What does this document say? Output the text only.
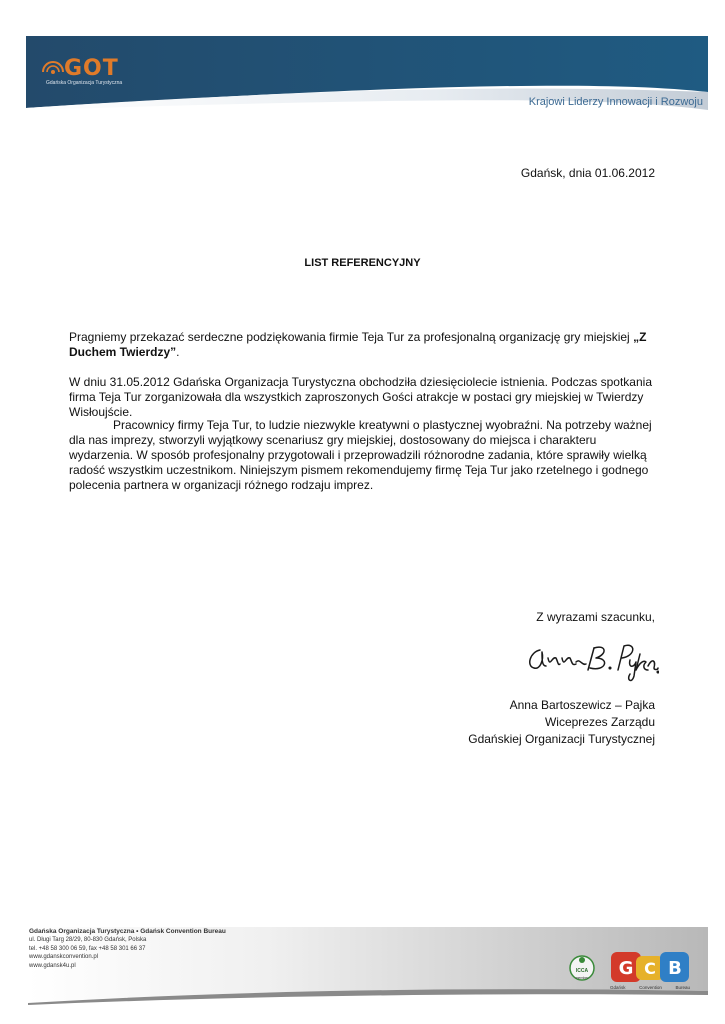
GOT
Gdańska Organizacja Turystyczna
Krajowi Liderzy Innowacji i Rozwoju
Gdańsk, dnia 01.06.2012
LIST REFERENCYJNY
Pragniemy przekazać serdeczne podziękowania firmie Teja Tur za profesjonalną organizację gry miejskiej „Z Duchem Twierdzy”.
W dniu 31.05.2012 Gdańska Organizacja Turystyczna obchodziła dziesięciolecie istnienia. Podczas spotkania firma Teja Tur zorganizowała dla wszystkich zaproszonych Gości atrakcje w postaci gry miejskiej w Twierdzy Wisłoujście.
Pracownicy firmy Teja Tur, to ludzie niezwykle kreatywni o plastycznej wyobraźni. Na potrzeby ważnej dla nas imprezy, stworzyli wyjątkowy scenariusz gry miejskiej, dostosowany do miejsca i charakteru wydarzenia. W sposób profesjonalny przygotowali i przeprowadzili różnorodne zadania, które sprawiły wielką radość wszystkim uczestnikom. Niniejszym pismem rekomendujemy firmę Teja Tur jako rzetelnego i godnego polecenia partnera w organizacji różnego rodzaju imprez.
Z wyrazami szacunku,
Anna Bartoszewicz – Pajka
Wiceprezes Zarządu
Gdańskiej Organizacji Turystycznej
Gdańska Organizacja Turystyczna • Gdańsk Convention Bureau
ul. Długi Targ 28/29, 80-830 Gdańsk, Polska
tel. +48 58 300 06 59, fax +48 58 301 66 37
www.gdanskconvention.pl
www.gdansk4u.pl
ICCA
member G C B
Gdańsk	Convention	Bureau
